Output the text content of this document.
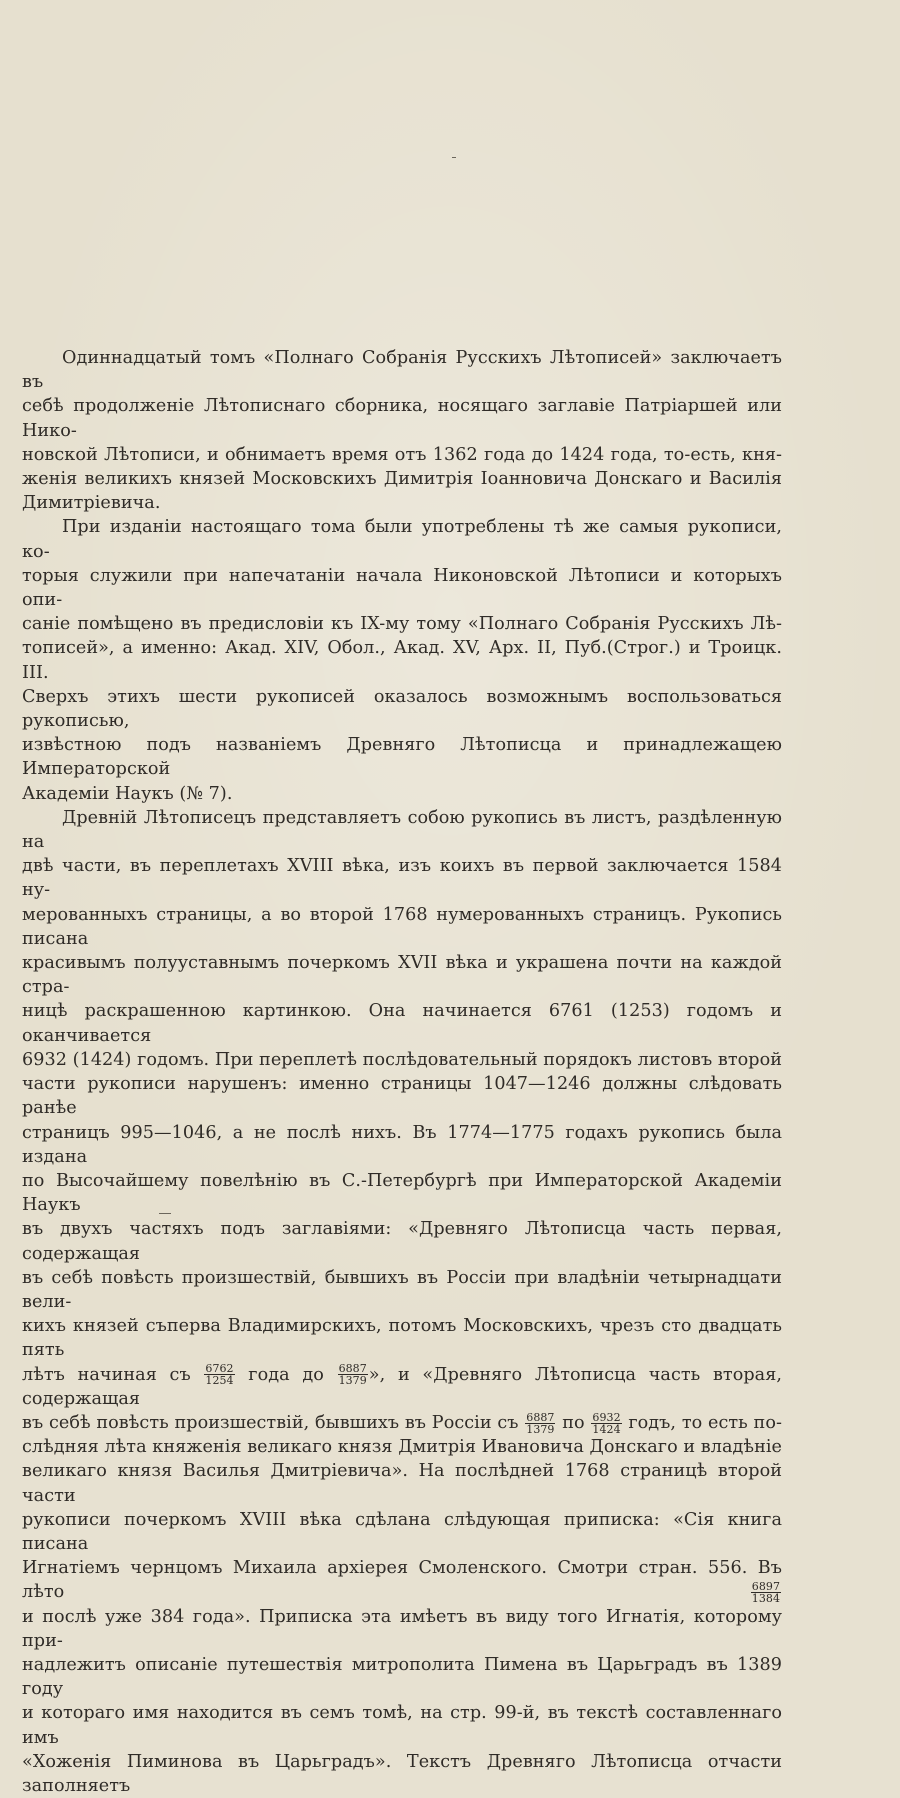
Одиннадцатый томъ «Полнаго Собранія Русскихъ Лѣтописей» заключаетъ въ
себѣ продолженіе Лѣтописнаго сборника, носящаго заглавіе Патріаршей или Нико-
новской Лѣтописи, и обнимаетъ время отъ 1362 года до 1424 года, то-есть, кня-
женія великихъ князей Московскихъ Димитрія Іоанновича Донскаго и Василія
Димитріевича.
При изданіи настоящаго тома были употреблены тѣ же самыя рукописи, ко-
торыя служили при напечатаніи начала Никоновской Лѣтописи и которыхъ опи-
саніе помѣщено въ предисловіи къ IX-му тому «Полнаго Собранія Русскихъ Лѣ-
тописей», а именно: Акад. XIV, Обол., Акад. XV, Арх. II, Пуб.(Строг.) и Троицк. III.
Сверхъ этихъ шести рукописей оказалось возможнымъ воспользоваться рукописью,
извѣстною подъ названіемъ Древняго Лѣтописца и принадлежащею Императорской
Академіи Наукъ (№ 7).
Древній Лѣтописецъ представляетъ собою рукопись въ листъ, раздѣленную на
двѣ части, въ переплетахъ XVIII вѣка, изъ коихъ въ первой заключается 1584 ну-
мерованныхъ страницы, а во второй 1768 нумерованныхъ страницъ. Рукопись писана
красивымъ полууставнымъ почеркомъ XVII вѣка и украшена почти на каждой стра-
ницѣ раскрашенною картинкою. Она начинается 6761 (1253) годомъ и оканчивается
6932 (1424) годомъ. При переплетѣ послѣдовательный порядокъ листовъ второй
части рукописи нарушенъ: именно страницы 1047—1246 должны слѣдовать ранѣе
страницъ 995—1046, а не послѣ нихъ. Въ 1774—1775 годахъ рукопись была издана
по Высочайшему повелѣнію въ С.-Петербургѣ при Императорской Академіи Наукъ
въ двухъ частяхъ подъ заглавіями: «Древняго Лѣтописца часть первая, содержащая
въ себѣ повѣсть произшествій, бывшихъ въ Россіи при владѣніи четырнадцати вели-
кихъ князей съперва Владимирскихъ, потомъ Московскихъ, чрезъ сто двадцать пять
лѣтъ начиная съ $\frac{6762}{1254}$ года до $\frac{6887}{1379}$ », и «Древняго Лѣтописца часть вторая, содержащая
въ себѣ повѣсть произшествій, бывшихъ въ Россіи съ $\frac{6887}{1379}$ по $\frac{6932}{1424}$ годъ, то есть по-
слѣдняя лѣта княженія великаго князя Дмитрія Ивановича Донскаго и владѣніе
великаго князя Василья Дмитріевича». На послѣдней 1768 страницѣ второй части
рукописи почеркомъ XVIII вѣка сдѣлана слѣдующая приписка: «Сія книга писана
Игнатіемъ чернцомъ Михаила архіерея Смоленского. Смотри стран. 556. Въ лѣто $\frac{6897}{1384}$
и послѣ уже 384 года». Приписка эта имѣетъ въ виду того Игнатія, которому при-
надлежитъ описаніе путешествія митрополита Пимена въ Царьградъ въ 1389 году
и котораго имя находится въ семъ томѣ, на стр. 99-й, въ текстѣ составленнаго имъ
«Хоженія Пиминова въ Царьградъ». Текстъ Древняго Лѣтописца отчасти заполняетъ
